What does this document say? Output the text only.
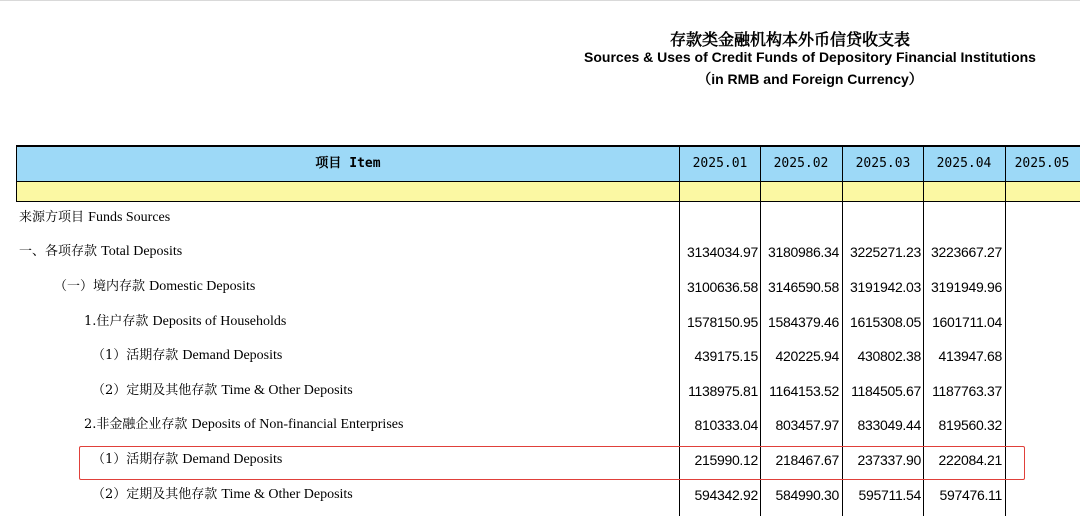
存款类金融机构本外币信贷收支表
Sources & Uses of Credit Funds of Depository Financial Institutions
（in RMB and Foreign Currency）
项目 Item	2025.01	2025.02	2025.03	2025.04	2025.05
来源方项目 Funds Sources
一、各项存款 Total Deposits	3134034.97 3180986.34 3225271.23 3223667.27
（一）境内存款 Domestic Deposits	3100636.58 3146590.58 3191942.03 3191949.96
1.住户存款 Deposits of Households	1578150.95 1584379.46 1615308.05 1601711.04
（1）活期存款 Demand Deposits	439175.15	420225.94	430802.38	413947.68
（2）定期及其他存款 Time & Other Deposits	1138975.81 1164153.52 1184505.67 1187763.37
2.非金融企业存款 Deposits of Non-financial Enterprises	810333.04	803457.97	833049.44	819560.32
（1）活期存款 Demand Deposits	215990.12	218467.67	237337.90	222084.21
（2）定期及其他存款 Time & Other Deposits	594342.92	584990.30	595711.54	597476.11
